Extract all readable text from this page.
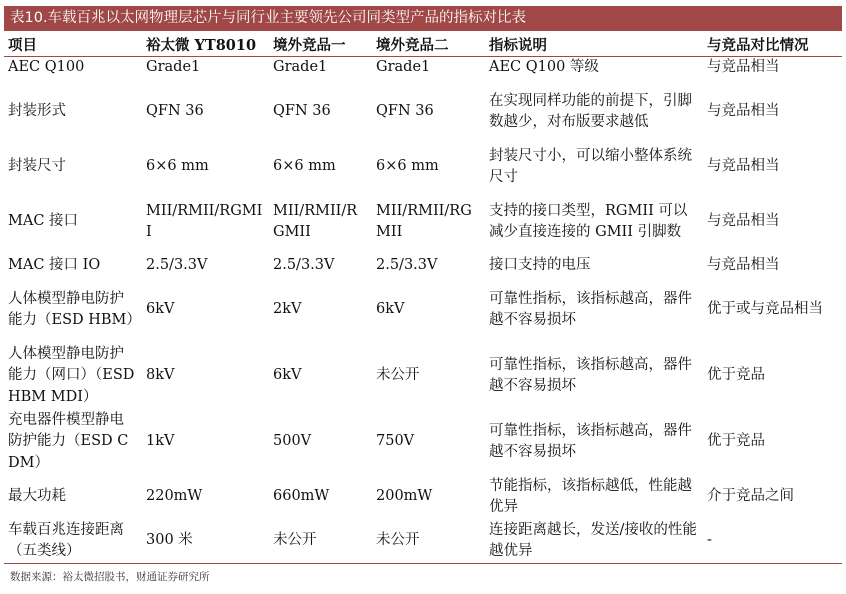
表10.车载百兆以太网物理层芯片与同行业主要领先公司同类型产品的指标对比表
项目	裕太微 YT8010	境外竞品一	境外竞品二	指标说明	与竞品对比情况
AEC Q100	Grade1	Grade1	Grade1	AEC Q100 等级	与竞品相当
封装形式	QFN 36	QFN 36	QFN 36	在实现同样功能的前提下，引脚数越少，对布版要求越低	与竞品相当
封装尺寸	6×6 mm	6×6 mm	6×6 mm	封装尺寸小，可以缩小整体系统尺寸	与竞品相当
MAC 接口	MII/RMII/RGMII	MII/RMII/RGMII	MII/RMII/RGMII	支持的接口类型，RGMII 可以减少直接连接的 GMII 引脚数	与竞品相当
MAC 接口 IO	2.5/3.3V	2.5/3.3V	2.5/3.3V	接口支持的电压	与竞品相当
人体模型静电防护能力（ESD HBM）	6kV	2kV	6kV	可靠性指标，该指标越高，器件越不容易损坏	优于或与竞品相当
人体模型静电防护能力（网口）（ESD HBM MDI）	8kV	6kV	未公开	可靠性指标，该指标越高，器件越不容易损坏	优于竞品
充电器件模型静电防护能力（ESD CDM）	1kV	500V	750V	可靠性指标，该指标越高，器件越不容易损坏	优于竞品
最大功耗	220mW	660mW	200mW	节能指标，该指标越低，性能越优异	介于竞品之间
车载百兆连接距离（五类线）	300 米	未公开	未公开	连接距离越长，发送/接收的性能越优异	-
数据来源：裕太微招股书，财通证券研究所
